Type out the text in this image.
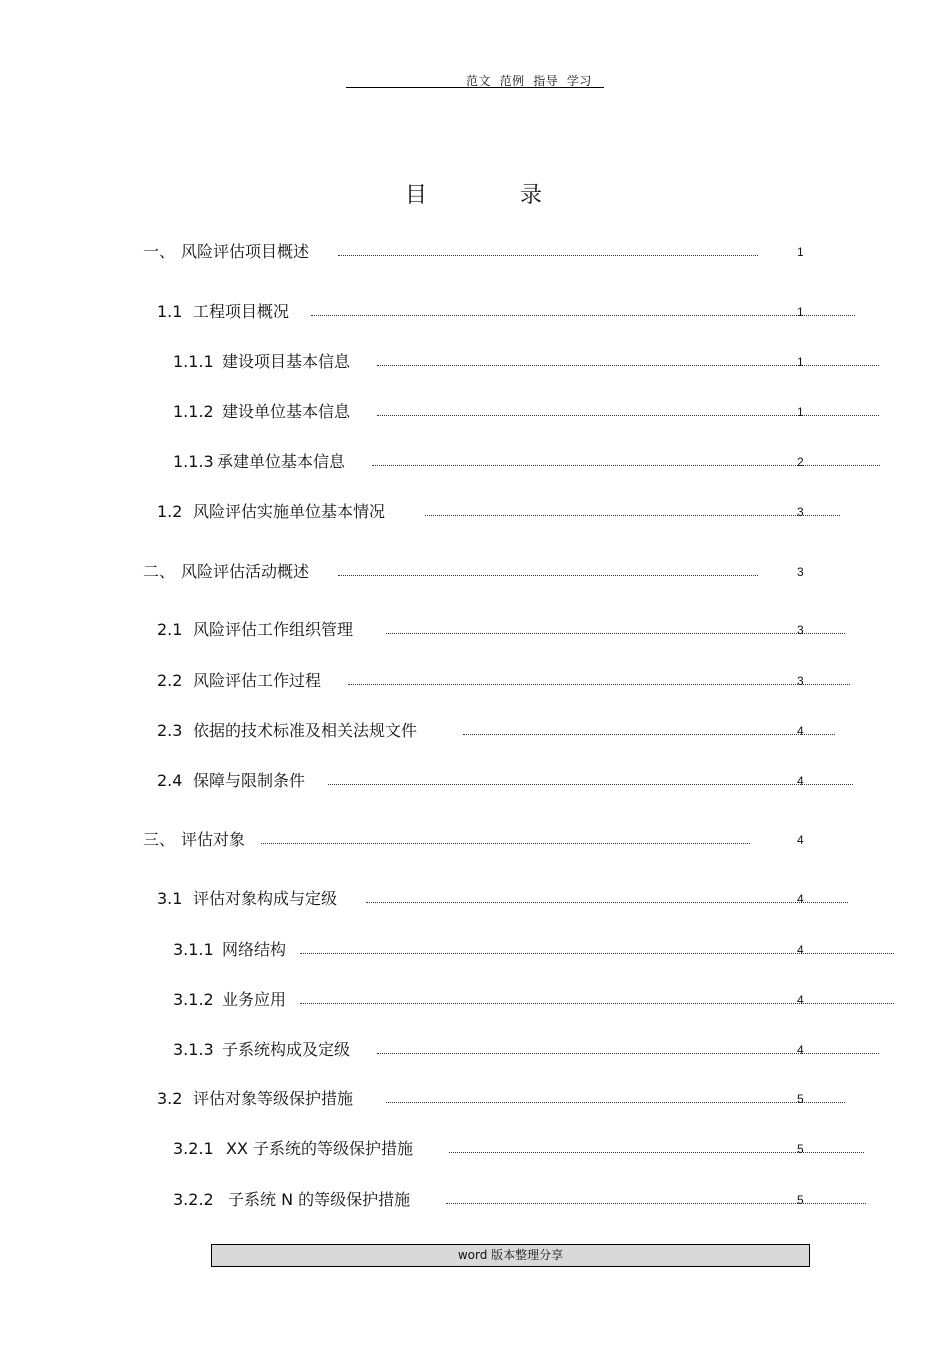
范文  范例  指导  学习
目	录
一、 风险评估项目概述	1
1.1 工程项目概况	1
1.1.1 建设项目基本信息	1
1.1.2 建设单位基本信息	1
1.1.3 承建单位基本信息	2
1.2 风险评估实施单位基本情况	3
二、 风险评估活动概述	3
2.1 风险评估工作组织管理	3
2.2 风险评估工作过程	3
2.3 依据的技术标准及相关法规文件	4
2.4 保障与限制条件	4
三、 评估对象	4
3.1 评估对象构成与定级	4
3.1.1 网络结构	4
3.1.2 业务应用	4
3.1.3 子系统构成及定级	4
3.2 评估对象等级保护措施	5
3.2.1 XX 子系统的等级保护措施	5
3.2.2 子系统 N 的等级保护措施	5
word 版本整理分享
